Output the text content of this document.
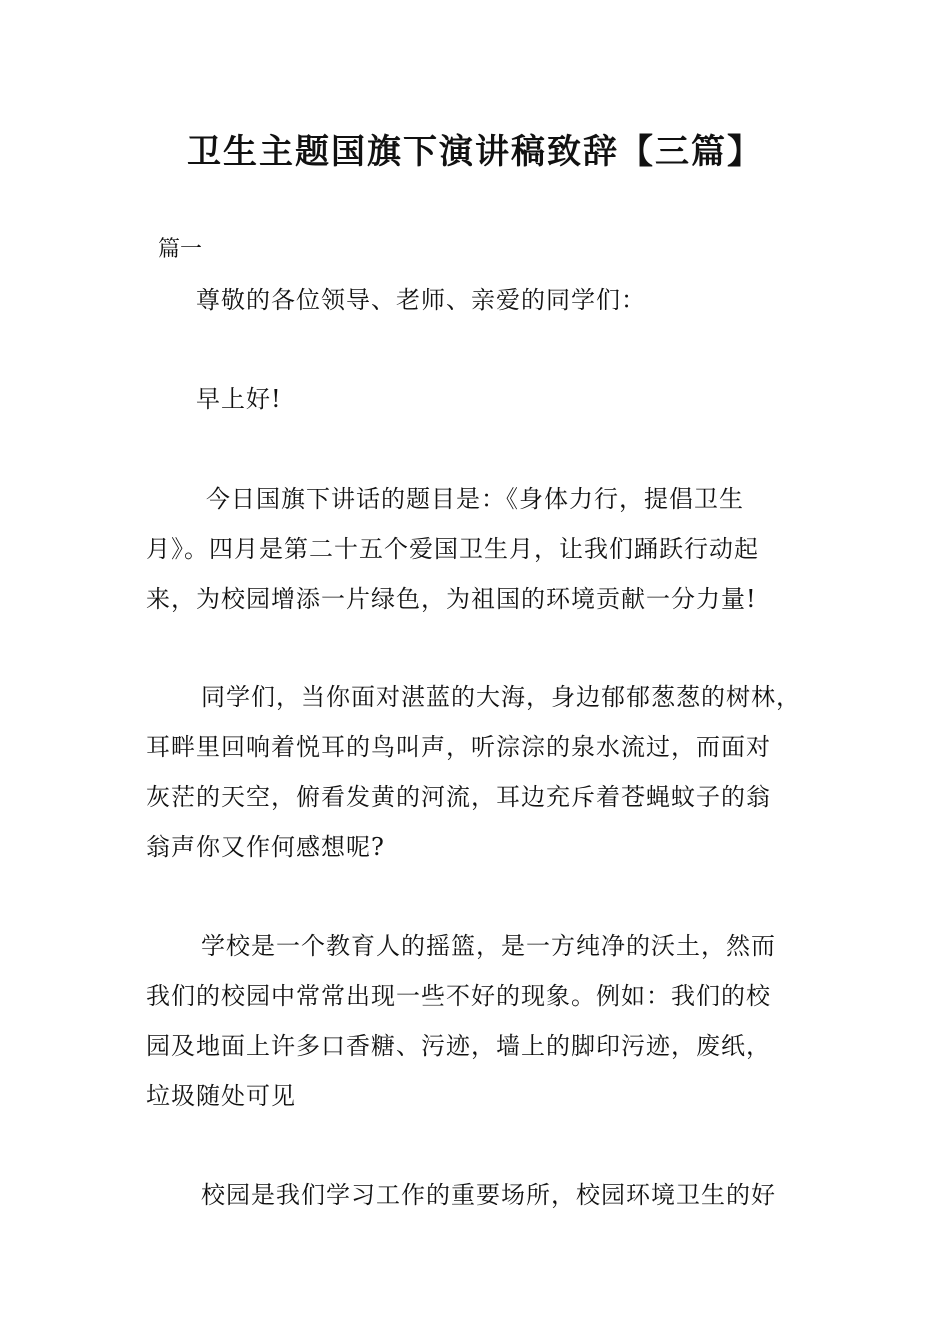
卫生主题国旗下演讲稿致辞【三篇】
篇一
尊敬的各位领导、老师、亲爱的同学们：
早上好!
今日国旗下讲话的题目是：《身体力行，提倡卫生
月》。四月是第二十五个爱国卫生月，让我们踊跃行动起
来，为校园增添一片绿色，为祖国的环境贡献一分力量!
同学们，当你面对湛蓝的大海，身边郁郁葱葱的树林，
耳畔里回响着悦耳的鸟叫声，听淙淙的泉水流过，而面对
灰茫的天空，俯看发黄的河流，耳边充斥着苍蝇蚊子的翁
翁声你又作何感想呢?
学校是一个教育人的摇篮，是一方纯净的沃土，然而
我们的校园中常常出现一些不好的现象。例如：我们的校
园及地面上许多口香糖、污迹，墙上的脚印污迹，废纸，
垃圾随处可见
校园是我们学习工作的重要场所，校园环境卫生的好
